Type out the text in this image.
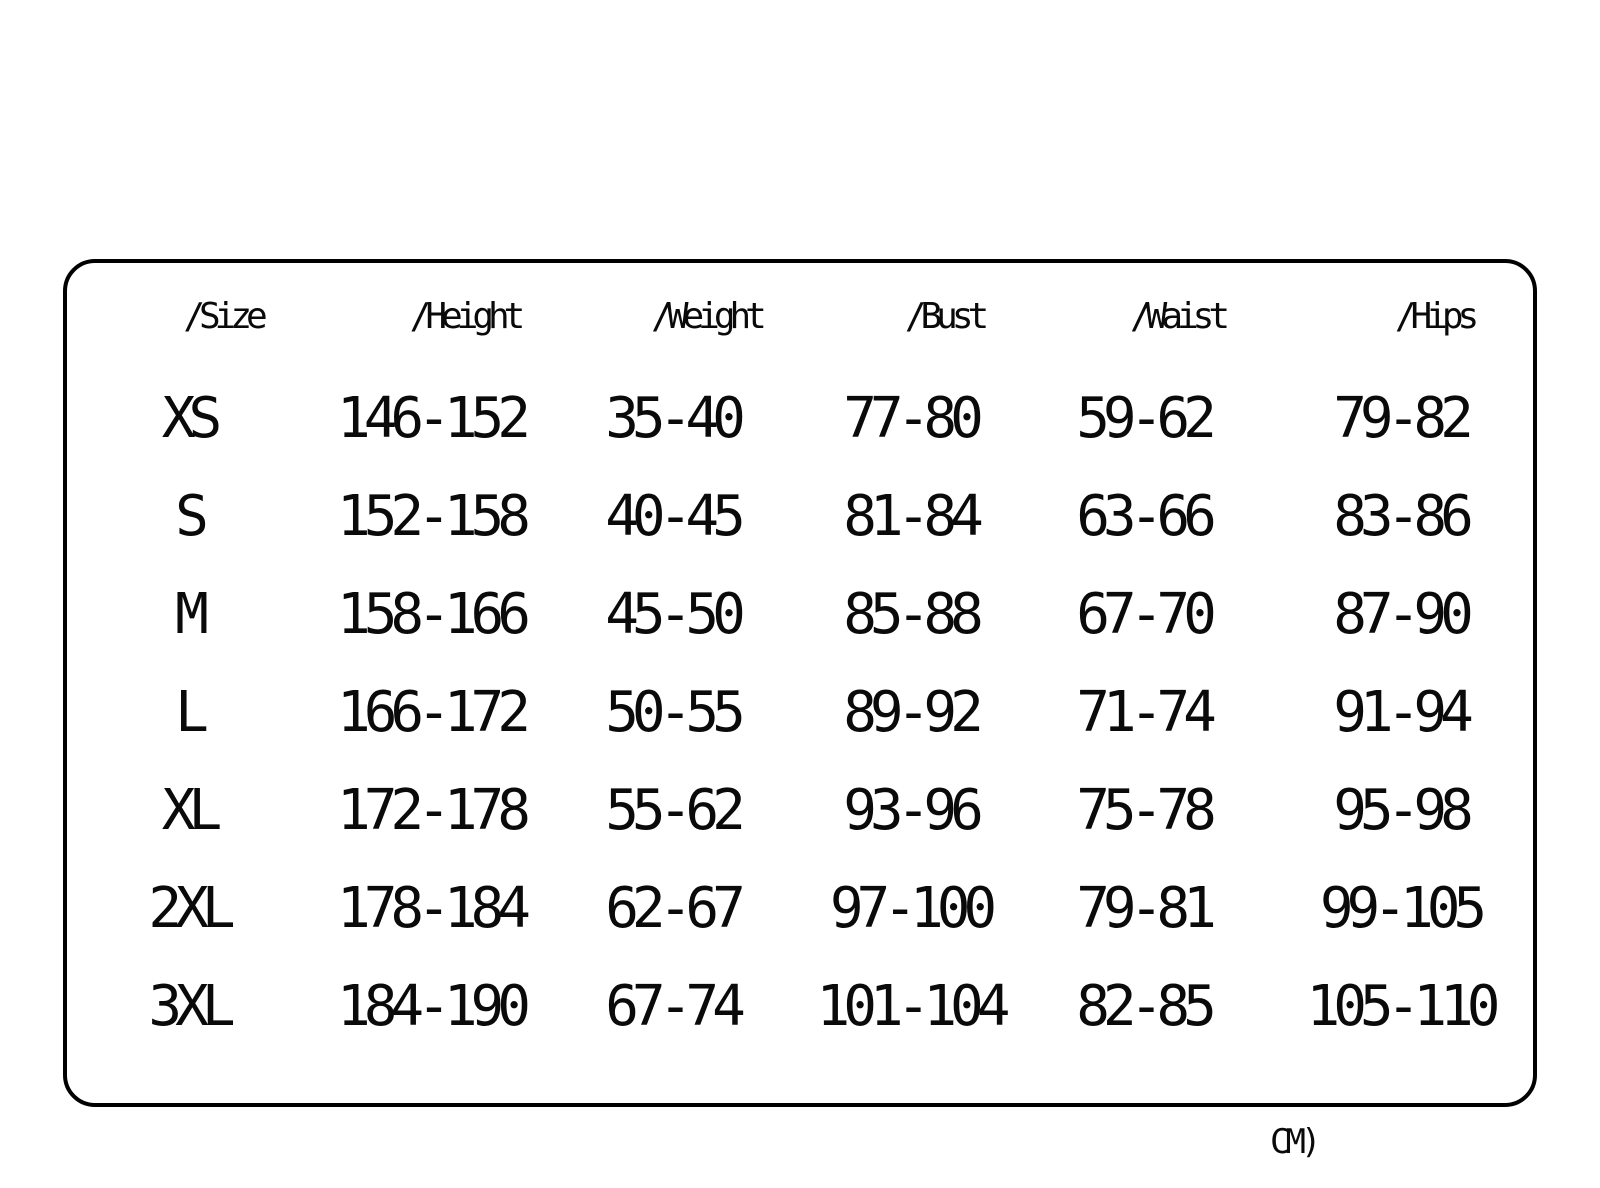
/Size	/Height	/Weight	/Bust	/Waist	/Hips
XS	146-152	35-40	77-80	59-62	79-82
S	152-158	40-45	81-84	63-66	83-86
M	158-166	45-50	85-88	67-70	87-90
L	166-172	50-55	89-92	71-74	91-94
XL	172-178	55-62	93-96	75-78	95-98
2XL	178-184	62-67	97-100	79-81	99-105
3XL	184-190	67-74	101-104	82-85	105-110
CM)
